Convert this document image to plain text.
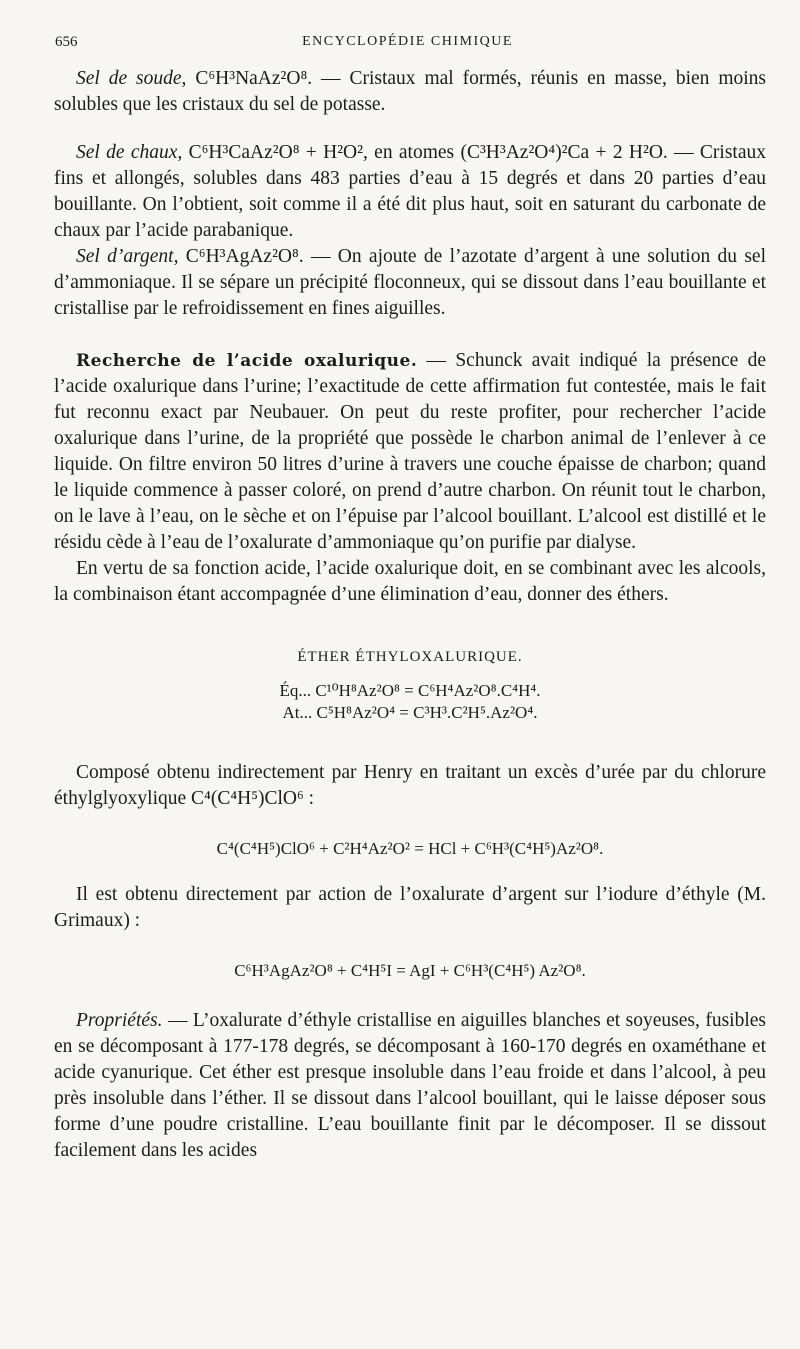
656	ENCYCLOPÉDIE CHIMIQUE

Sel de soude, C⁶H³NaAz²O⁸. — Cristaux mal formés, réunis en masse, bien moins solubles que les cristaux du sel de potasse.

Sel de chaux, C⁶H³CaAz²O⁸ + H²O², en atomes (C³H³Az²O⁴)²Ca + 2 H²O. — Cristaux fins et allongés, solubles dans 483 parties d’eau à 15 degrés et dans 20 parties d’eau bouillante. On l’obtient, soit comme il a été dit plus haut, soit en saturant du carbonate de chaux par l’acide parabanique.

Sel d’argent, C⁶H³AgAz²O⁸. — On ajoute de l’azotate d’argent à une solution du sel d’ammoniaque. Il se sépare un précipité floconneux, qui se dissout dans l’eau bouillante et cristallise par le refroidissement en fines aiguilles.

Recherche de l’acide oxalurique. — Schunck avait indiqué la présence de l’acide oxalurique dans l’urine; l’exactitude de cette affirmation fut contestée, mais le fait fut reconnu exact par Neubauer. On peut du reste profiter, pour rechercher l’acide oxalurique dans l’urine, de la propriété que possède le charbon animal de l’enlever à ce liquide. On filtre environ 50 litres d’urine à travers une couche épaisse de charbon; quand le liquide commence à passer coloré, on prend d’autre charbon. On réunit tout le charbon, on le lave à l’eau, on le sèche et on l’épuise par l’alcool bouillant. L’alcool est distillé et le résidu cède à l’eau de l’oxalurate d’ammoniaque qu’on purifie par dialyse.

En vertu de sa fonction acide, l’acide oxalurique doit, en se combinant avec les alcools, la combinaison étant accompagnée d’une élimination d’eau, donner des éthers.

ÉTHER ÉTHYLOXALURIQUE.

Éq... C¹⁰H⁸Az²O⁸ = C⁶H⁴Az²O⁸.C⁴H⁴.

At... C⁵H⁸Az²O⁴ = C³H³.C²H⁵.Az²O⁴.

Composé obtenu indirectement par Henry en traitant un excès d’urée par du chlorure éthylglyoxylique C⁴(C⁴H⁵)ClO⁶ :

C⁴(C⁴H⁵)ClO⁶ + C²H⁴Az²O² = HCl + C⁶H³(C⁴H⁵)Az²O⁸.

Il est obtenu directement par action de l’oxalurate d’argent sur l’iodure d’éthyle (M. Grimaux) :

C⁶H³AgAz²O⁸ + C⁴H⁵I = AgI + C⁶H³(C⁴H⁵) Az²O⁸.

Propriétés. — L’oxalurate d’éthyle cristallise en aiguilles blanches et soyeuses, fusibles en se décomposant à 177-178 degrés, se décomposant à 160-170 degrés en oxaméthane et acide cyanurique. Cet éther est presque insoluble dans l’eau froide et dans l’alcool, à peu près insoluble dans l’éther. Il se dissout dans l’alcool bouillant, qui le laisse déposer sous forme d’une poudre cristalline. L’eau bouillante finit par le décomposer. Il se dissout facilement dans les acides
